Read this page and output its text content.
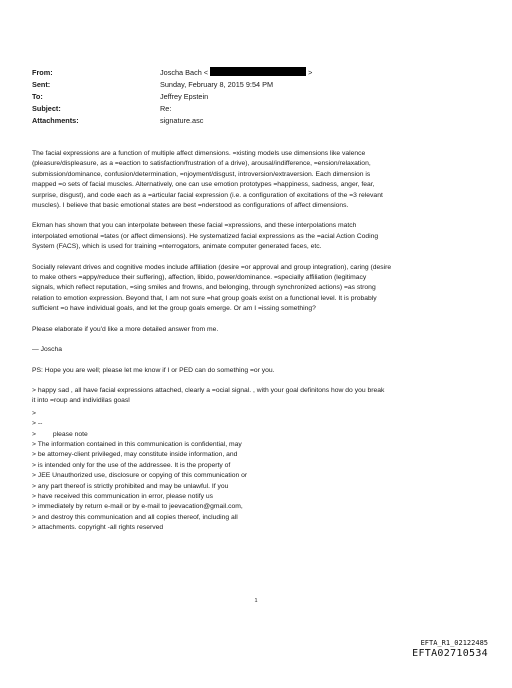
From:	Joscha Bach <	>
Sent:	Sunday, February 8, 2015 9:54 PM
To:	Jeffrey Epstein
Subject:	Re:
Attachments:	signature.asc

The facial expressions are a function of multiple affect dimensions. =xisting models use dimensions like valence
(pleasure/displeasure, as a =eaction to satisfaction/frustration of a drive), arousal/indifference, =ension/relaxation,
submission/dominance, confusion/determination, =njoyment/disgust, introversion/extraversion. Each dimension is
mapped =o sets of facial muscles. Alternatively, one can use emotion prototypes =happiness, sadness, anger, fear,
surprise, disgust), and code each as a =articular facial expression (i.e. a configuration of excitations of the =3 relevant
muscles). I believe that basic emotional states are best =nderstood as configurations of affect dimensions.

Ekman has shown that you can interpolate between these facial =xpressions, and these interpolations match
interpolated emotional =tates (or affect dimensions). He systematized facial expressions as the =acial Action Coding
System (FACS), which is used for training =nterrogators, animate computer generated faces, etc.

Socially relevant drives and cognitive modes include affiliation (desire =or approval and group integration), caring (desire
to make others =appy/reduce their suffering), affection, libido, power/dominance. =specially affiliation (legitimacy
signals, which reflect reputation, =sing smiles and frowns, and belonging, through synchronized actions) =as strong
relation to emotion expression. Beyond that, I am not sure =hat group goals exist on a functional level. It is probably
sufficient =o have individual goals, and let the group goals emerge. Or am I =issing something?

Please elaborate if you'd like a more detailed answer from me.

— Joscha

PS: Hope you are well; please let me know if I or PED can do something =or you.

> happy sad , all have facial expressions attached, clearly a =ocial signal. , with your goal definitons how do you break
it into =roup and individilas goasl

>
> --
>         please note
> The information contained in this communication is confidential, may
> be attorney-client privileged, may constitute inside information, and
> is intended only for the use of the addressee. It is the property of
> JEE Unauthorized use, disclosure or copying of this communication or
> any part thereof is strictly prohibited and may be unlawful. If you
> have received this communication in error, please notify us
> immediately by return e-mail or by e-mail to jeevacation@gmail.com,
> and destroy this communication and all copies thereof, including all
> attachments. copyright -all rights reserved
1
EFTA_R1_02122485
EFTA02710534
